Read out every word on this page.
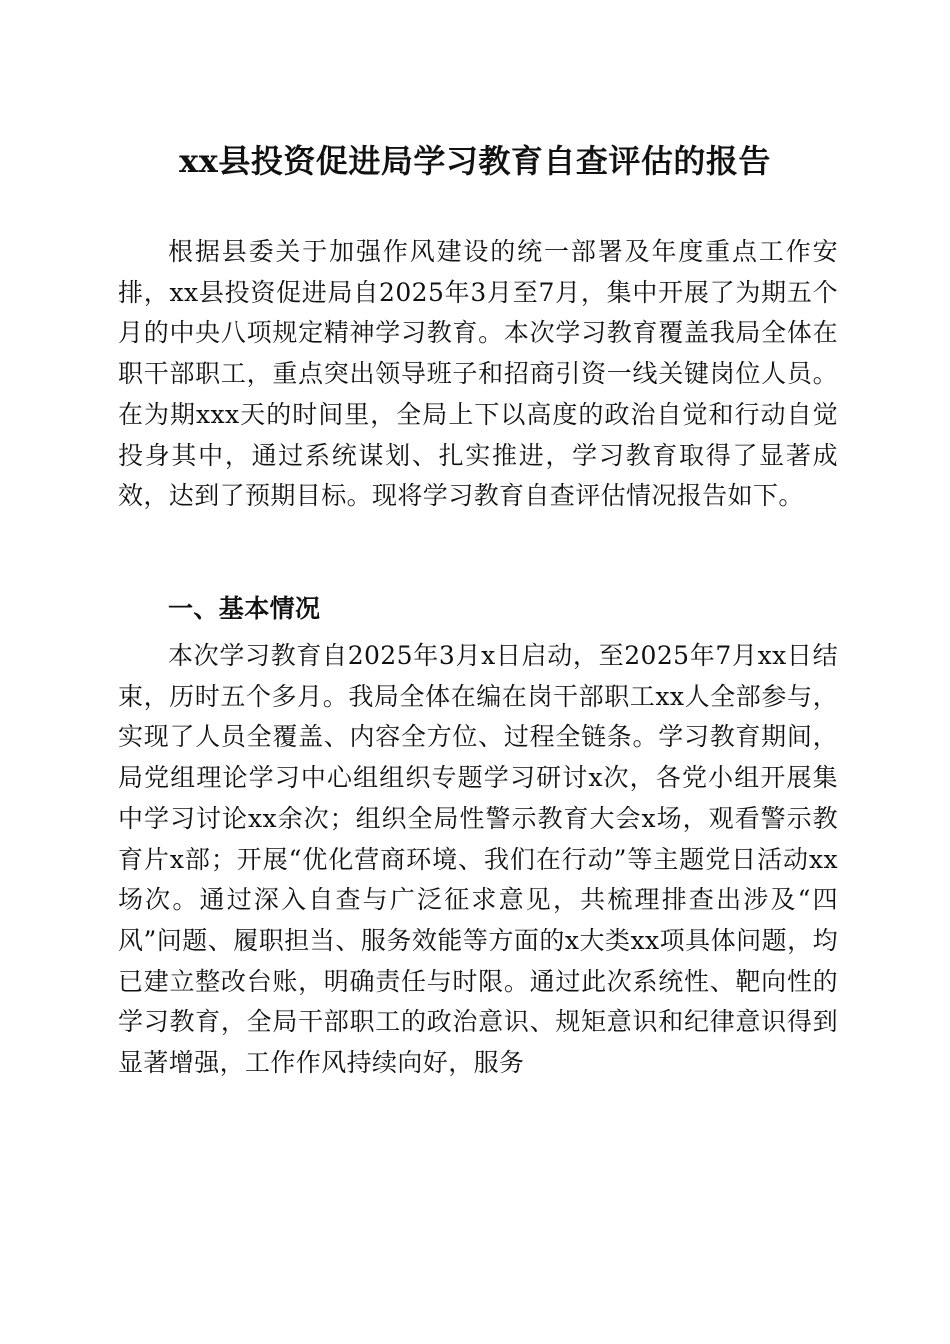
xx县投资促进局学习教育自查评估的报告
根据县委关于加强作风建设的统一部署及年度重点工作安排，xx县投资促进局自2025年3月至7月，集中开展了为期五个月的中央八项规定精神学习教育。本次学习教育覆盖我局全体在职干部职工，重点突出领导班子和招商引资一线关键岗位人员。在为期xxx天的时间里，全局上下以高度的政治自觉和行动自觉投身其中，通过系统谋划、扎实推进，学习教育取得了显著成效，达到了预期目标。现将学习教育自查评估情况报告如下。
一、基本情况
本次学习教育自2025年3月x日启动，至2025年7月xx日结束，历时五个多月。我局全体在编在岗干部职工xx人全部参与，实现了人员全覆盖、内容全方位、过程全链条。学习教育期间，局党组理论学习中心组组织专题学习研讨x次，各党小组开展集中学习讨论xx余次；组织全局性警示教育大会x场，观看警示教育片x部；开展“优化营商环境、我们在行动”等主题党日活动xx场次。通过深入自查与广泛征求意见，共梳理排查出涉及“四风”问题、履职担当、服务效能等方面的x大类xx项具体问题，均已建立整改台账，明确责任与时限。通过此次系统性、靶向性的学习教育，全局干部职工的政治意识、规矩意识和纪律意识得到显著增强，工作作风持续向好，服务
